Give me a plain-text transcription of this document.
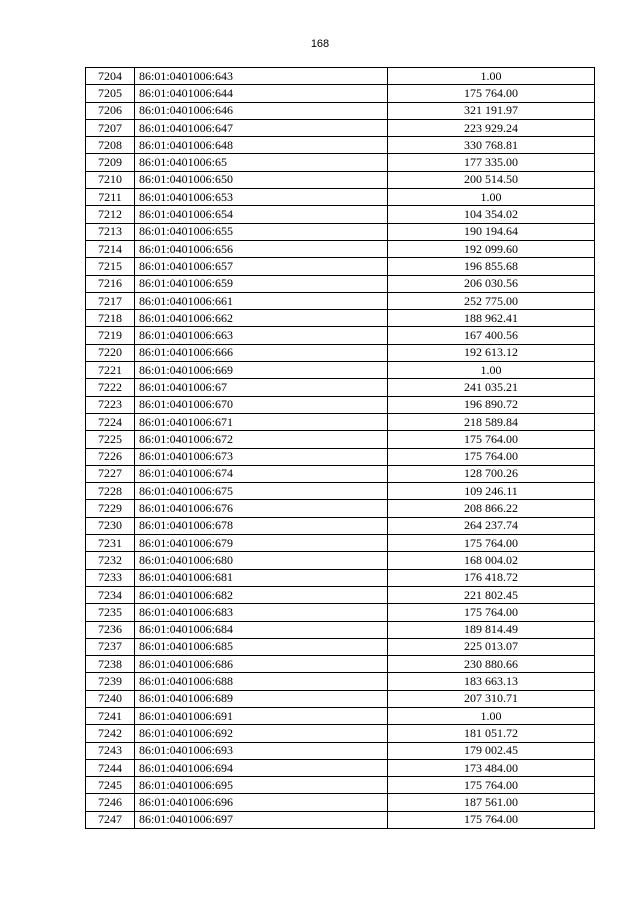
168
7204	86:01:0401006:643	1.00
7205	86:01:0401006:644	175 764.00
7206	86:01:0401006:646	321 191.97
7207	86:01:0401006:647	223 929.24
7208	86:01:0401006:648	330 768.81
7209	86:01:0401006:65	177 335.00
7210	86:01:0401006:650	200 514.50
7211	86:01:0401006:653	1.00
7212	86:01:0401006:654	104 354.02
7213	86:01:0401006:655	190 194.64
7214	86:01:0401006:656	192 099.60
7215	86:01:0401006:657	196 855.68
7216	86:01:0401006:659	206 030.56
7217	86:01:0401006:661	252 775.00
7218	86:01:0401006:662	188 962.41
7219	86:01:0401006:663	167 400.56
7220	86:01:0401006:666	192 613.12
7221	86:01:0401006:669	1.00
7222	86:01:0401006:67	241 035.21
7223	86:01:0401006:670	196 890.72
7224	86:01:0401006:671	218 589.84
7225	86:01:0401006:672	175 764.00
7226	86:01:0401006:673	175 764.00
7227	86:01:0401006:674	128 700.26
7228	86:01:0401006:675	109 246.11
7229	86:01:0401006:676	208 866.22
7230	86:01:0401006:678	264 237.74
7231	86:01:0401006:679	175 764.00
7232	86:01:0401006:680	168 004.02
7233	86:01:0401006:681	176 418.72
7234	86:01:0401006:682	221 802.45
7235	86:01:0401006:683	175 764.00
7236	86:01:0401006:684	189 814.49
7237	86:01:0401006:685	225 013.07
7238	86:01:0401006:686	230 880.66
7239	86:01:0401006:688	183 663.13
7240	86:01:0401006:689	207 310.71
7241	86:01:0401006:691	1.00
7242	86:01:0401006:692	181 051.72
7243	86:01:0401006:693	179 002.45
7244	86:01:0401006:694	173 484.00
7245	86:01:0401006:695	175 764.00
7246	86:01:0401006:696	187 561.00
7247	86:01:0401006:697	175 764.00
